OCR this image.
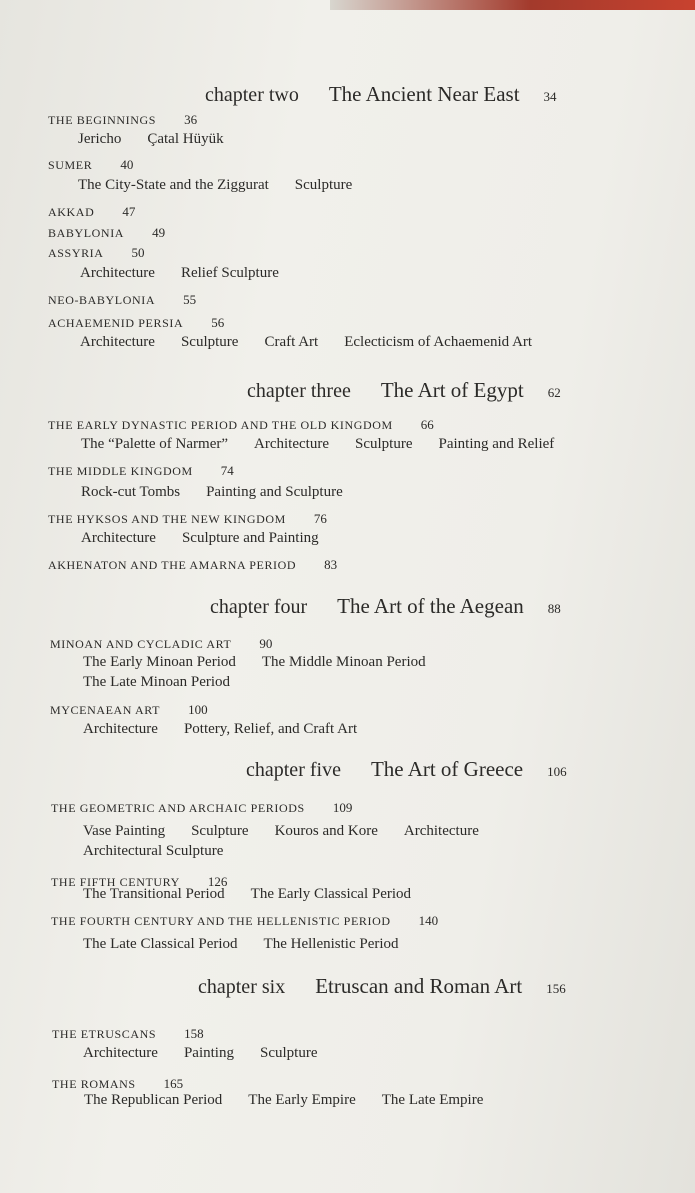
chapter two The Ancient Near East 34
THE BEGINNINGS 36
Jericho Çatal Hüyük
SUMER 40
The City-State and the Ziggurat Sculpture
AKKAD 47
BABYLONIA 49
ASSYRIA 50
Architecture Relief Sculpture
NEO-BABYLONIA 55
ACHAEMENID PERSIA 56
Architecture Sculpture Craft Art Eclecticism of Achaemenid Art
chapter three The Art of Egypt 62
THE EARLY DYNASTIC PERIOD AND THE OLD KINGDOM 66
The “Palette of Narmer” Architecture Sculpture Painting and Relief
THE MIDDLE KINGDOM 74
Rock-cut Tombs Painting and Sculpture
THE HYKSOS AND THE NEW KINGDOM 76
Architecture Sculpture and Painting
AKHENATON AND THE AMARNA PERIOD 83
chapter four The Art of the Aegean 88
MINOAN AND CYCLADIC ART 90
The Early Minoan Period The Middle Minoan Period
The Late Minoan Period
MYCENAEAN ART 100
Architecture Pottery, Relief, and Craft Art
chapter five The Art of Greece 106
THE GEOMETRIC AND ARCHAIC PERIODS 109
Vase Painting Sculpture Kouros and Kore Architecture
Architectural Sculpture
THE FIFTH CENTURY 126
The Transitional Period The Early Classical Period
THE FOURTH CENTURY AND THE HELLENISTIC PERIOD 140
The Late Classical Period The Hellenistic Period
chapter six Etruscan and Roman Art 156
THE ETRUSCANS 158
Architecture Painting Sculpture
THE ROMANS 165
The Republican Period The Early Empire The Late Empire
